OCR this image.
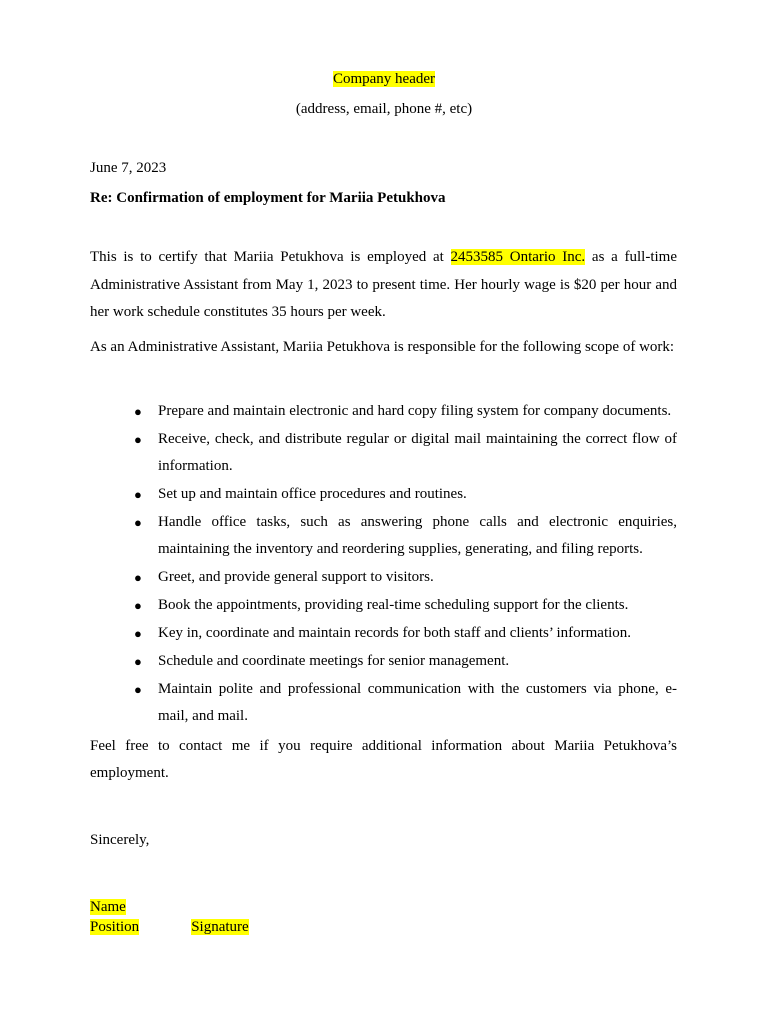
Company header
(address, email, phone #, etc)
June 7, 2023
Re: Confirmation of employment for Mariia Petukhova

This is to certify that Mariia Petukhova is employed at 2453585 Ontario Inc. as a full-time Administrative Assistant from May 1, 2023 to present time. Her hourly wage is $20 per hour and her work schedule constitutes 35 hours per week.

As an Administrative Assistant, Mariia Petukhova is responsible for the following scope of work:

● Prepare and maintain electronic and hard copy filing system for company documents.
● Receive, check, and distribute regular or digital mail maintaining the correct flow of information.
● Set up and maintain office procedures and routines.
● Handle office tasks, such as answering phone calls and electronic enquiries, maintaining the inventory and reordering supplies, generating, and filing reports.
● Greet, and provide general support to visitors.
● Book the appointments, providing real-time scheduling support for the clients.
● Key in, coordinate and maintain records for both staff and clients’ information.
● Schedule and coordinate meetings for senior management.
● Maintain polite and professional communication with the customers via phone, e-mail, and mail.

Feel free to contact me if you require additional information about Mariia Petukhova’s employment.

Sincerely,
Name
Position	Signature
